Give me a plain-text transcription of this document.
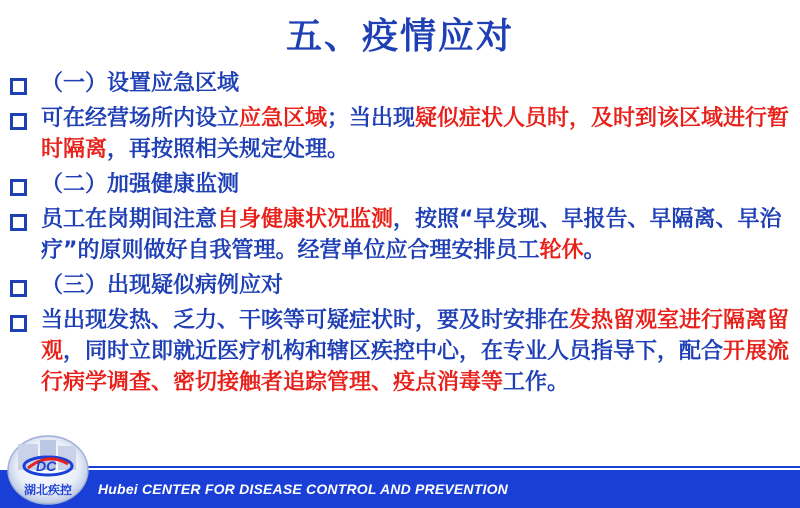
五、疫情应对
（一）设置应急区域
可在经营场所内设立应急区域；当出现疑似症状人员时，及时到该区域进行暂时隔离，再按照相关规定处理。
（二）加强健康监测
员工在岗期间注意自身健康状况监测，按照“早发现、早报告、早隔离、早治疗”的原则做好自我管理。经营单位应合理安排员工轮休。
（三）出现疑似病例应对
当出现发热、乏力、干咳等可疑症状时，要及时安排在发热留观室进行隔离留观，同时立即就近医疗机构和辖区疾控中心，在专业人员指导下，配合开展流行病学调查、密切接触者追踪管理、疫点消毒等工作。
Hubei CENTER FOR DISEASE CONTROL AND PREVENTION
DC
湖北疾控
